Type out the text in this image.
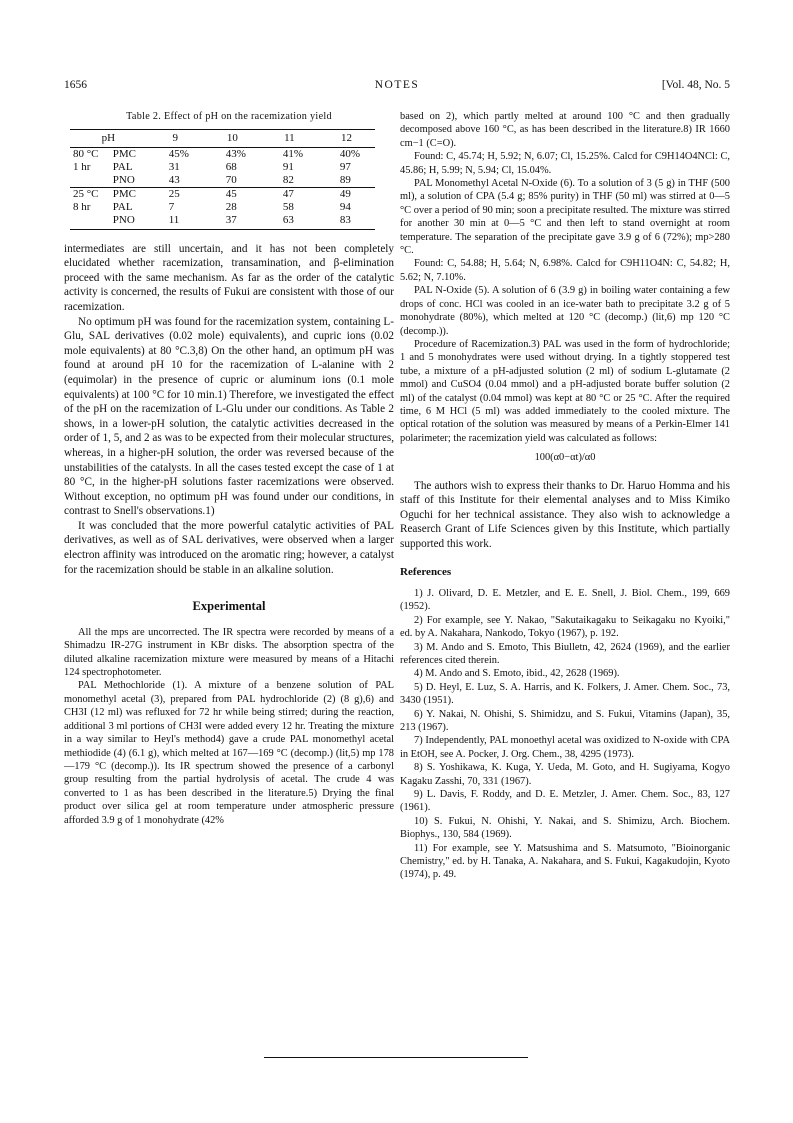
1656	NOTES	[Vol. 48, No. 5
Table 2. Effect of pH on the racemization yield
pH		9	10	11	12
80 °C	PMC	45%	43%	41%	40%
1 hr	PAL	31	68	91	97
	PNO	43	70	82	89
25 °C	PMC	25	45	47	49
8 hr	PAL	7	28	58	94
	PNO	11	37	63	83

intermediates are still uncertain, and it has not been completely elucidated whether racemization, transamination, and β-elimination proceed with the same mechanism. As far as the order of the catalytic activity is concerned, the results of Fukui are consistent with those of our racemization.

No optimum pH was found for the racemization system, containing L-Glu, SAL derivatives (0.02 mole) equivalents), and cupric ions (0.02 mole equivalents) at 80 °C.3,8) On the other hand, an optimum pH was found at around pH 10 for the racemization of L-alanine with 2 (equimolar) in the presence of cupric or aluminum ions (0.1 mole equivalents) at 100 °C for 10 min.1) Therefore, we investigated the effect of the pH on the racemization of L-Glu under our conditions. As Table 2 shows, in a lower-pH solution, the catalytic activities decreased in the order of 1, 5, and 2 as was to be expected from their molecular structures, whereas, in a higher-pH solution, the order was reversed because of the unstabilities of the catalysts. In all the cases tested except the case of 1 at 80 °C, in the higher-pH solutions faster racemizations were observed. Without exception, no optimum pH was found under our conditions, in contrast to Snell's observations.1)

It was concluded that the more powerful catalytic activities of PAL derivatives, as well as of SAL derivatives, were observed when a larger electron affinity was introduced on the aromatic ring; however, a catalyst for the racemization should be stable in an alkaline solution.

Experimental

All the mps are uncorrected. The IR spectra were recorded by means of a Shimadzu IR-27G instrument in KBr disks. The absorption spectra of the diluted alkaline racemization mixture were measured by means of a Hitachi 124 spectrophotometer.

PAL Methochloride (1). A mixture of a benzene solution of PAL monomethyl acetal (3), prepared from PAL hydrochloride (2) (8 g),6) and CH3I (12 ml) was refluxed for 72 hr while being stirred; during the reaction, additional 3 ml portions of CH3I were added every 12 hr. Treating the mixture in a way similar to Heyl's method4) gave a crude PAL monomethyl acetal methiodide (4) (6.1 g), which melted at 167—169 °C (decomp.) (lit,5) mp 178—179 °C (decomp.)). Its IR spectrum showed the presence of a carbonyl group resulting from the partial hydrolysis of acetal. The crude 4 was converted to 1 as has been described in the literature.5) Drying the final product over silica gel at room temperature under atmospheric pressure afforded 3.9 g of 1 monohydrate (42%

based on 2), which partly melted at around 100 °C and then gradually decomposed above 160 °C, as has been described in the literature.8) IR 1660 cm−1 (C=O).

Found: C, 45.74; H, 5.92; N, 6.07; Cl, 15.25%. Calcd for C9H14O4NCl: C, 45.86; H, 5.99; N, 5.94; Cl, 15.04%.

PAL Monomethyl Acetal N-Oxide (6). To a solution of 3 (5 g) in THF (500 ml), a solution of CPA (5.4 g; 85% purity) in THF (50 ml) was stirred at 0—5 °C over a period of 90 min; soon a precipitate resulted. The mixture was stirred for another 30 min at 0—5 °C and then left to stand overnight at room temperature. The separation of the precipitate gave 3.9 g of 6 (72%); mp>280 °C.

Found: C, 54.88; H, 5.64; N, 6.98%. Calcd for C9H11O4N: C, 54.82; H, 5.62; N, 7.10%.

PAL N-Oxide (5). A solution of 6 (3.9 g) in boiling water containing a few drops of conc. HCl was cooled in an ice-water bath to precipitate 3.2 g of 5 monohydrate (80%), which melted at 120 °C (decomp.) (lit,6) mp 120 °C (decomp.)).

Procedure of Racemization.3) PAL was used in the form of hydrochloride; 1 and 5 monohydrates were used without drying. In a tightly stoppered test tube, a mixture of a pH-adjusted solution (2 ml) of sodium L-glutamate (2 mmol) and CuSO4 (0.04 mmol) and a pH-adjusted borate buffer solution (2 ml) of the catalyst (0.04 mmol) was kept at 80 °C or 25 °C. After the required time, 6 M HCl (5 ml) was added immediately to the cooled mixture. The optical rotation of the solution was measured by means of a Perkin-Elmer 141 polarimeter; the racemization yield was calculated as follows:

100(α0−αt)/α0

The authors wish to express their thanks to Dr. Haruo Homma and his staff of this Institute for their elemental analyses and to Miss Kimiko Oguchi for her technical assistance. They also wish to acknowledge a Reaserch Grant of Life Sciences given by this Institute, which partially supported this work.

References
1) J. Olivard, D. E. Metzler, and E. E. Snell, J. Biol. Chem., 199, 669 (1952).
2) For example, see Y. Nakao, "Sakutaikagaku to Seikagaku no Kyoiki," ed. by A. Nakahara, Nankodo, Tokyo (1967), p. 192.
3) M. Ando and S. Emoto, This Biulletn, 42, 2624 (1969), and the earlier references cited therein.
4) M. Ando and S. Emoto, ibid., 42, 2628 (1969).
5) D. Heyl, E. Luz, S. A. Harris, and K. Folkers, J. Amer. Chem. Soc., 73, 3430 (1951).
6) Y. Nakai, N. Ohishi, S. Shimidzu, and S. Fukui, Vitamins (Japan), 35, 213 (1967).
7) Independently, PAL monoethyl acetal was oxidized to N-oxide with CPA in EtOH, see A. Pocker, J. Org. Chem., 38, 4295 (1973).
8) S. Yoshikawa, K. Kuga, Y. Ueda, M. Goto, and H. Sugiyama, Kogyo Kagaku Zasshi, 70, 331 (1967).
9) L. Davis, F. Roddy, and D. E. Metzler, J. Amer. Chem. Soc., 83, 127 (1961).
10) S. Fukui, N. Ohishi, Y. Nakai, and S. Shimizu, Arch. Biochem. Biophys., 130, 584 (1969).
11) For example, see Y. Matsushima and S. Matsumoto, "Bioinorganic Chemistry," ed. by H. Tanaka, A. Nakahara, and S. Fukui, Kagakudojin, Kyoto (1974), p. 49.
